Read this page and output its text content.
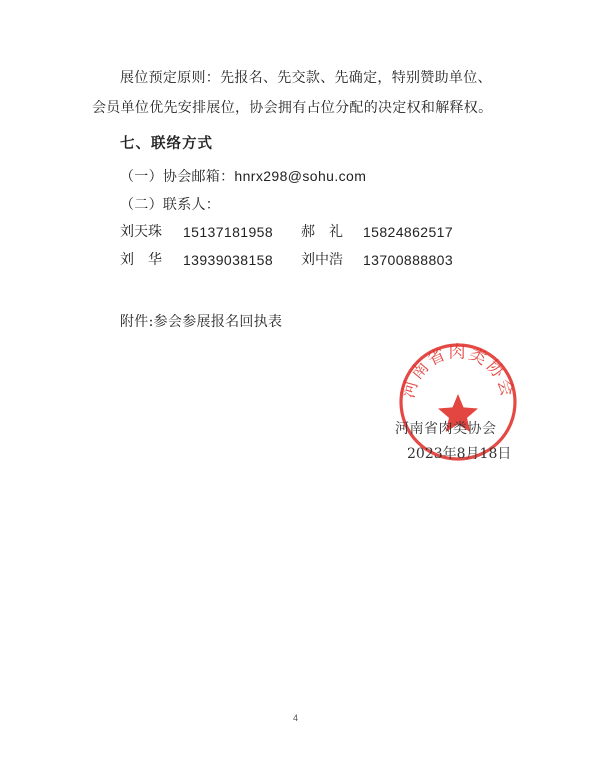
展位预定原则：先报名、先交款、先确定，特别赞助单位、
会员单位优先安排展位，协会拥有占位分配的决定权和解释权。
七、联络方式
（一）协会邮箱：hnrx298@sohu.com
（二）联系人：
刘天珠 15137181958 郝　礼 15824862517
刘　华 13939038158 刘中浩 13700888803
附件:参会参展报名回执表
河南省肉类协会
河南省肉类协会
2023年8月18日
4
